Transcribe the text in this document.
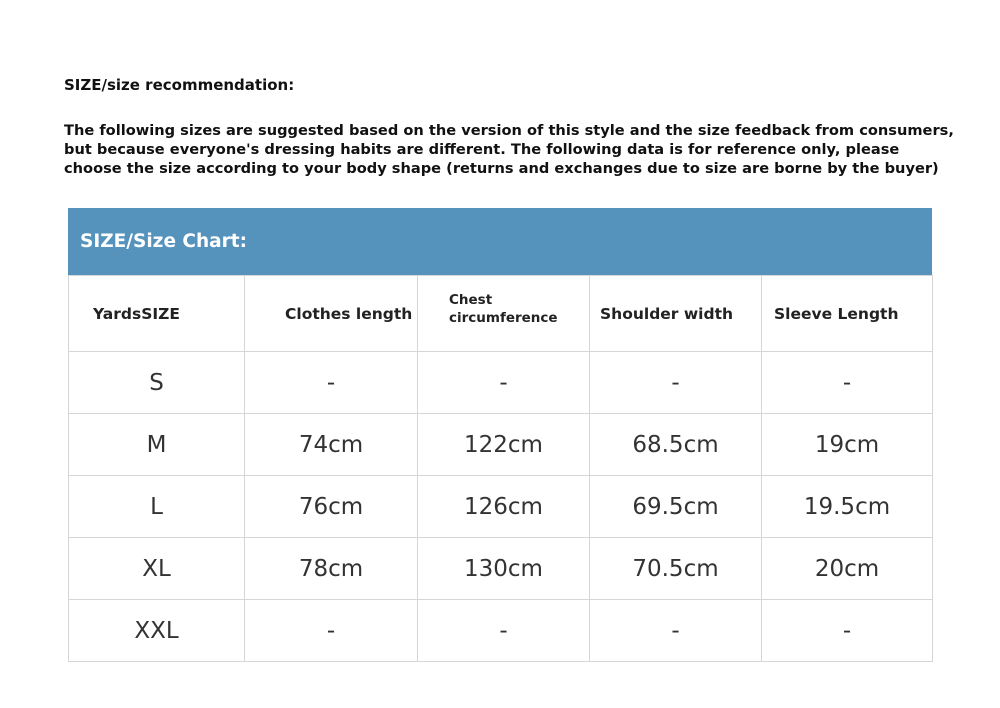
SIZE/size recommendation:
The following sizes are suggested based on the version of this style and the size feedback from consumers,
but because everyone's dressing habits are different. The following data is for reference only, please
choose the size according to your body shape (returns and exchanges due to size are borne by the buyer)
SIZE/Size Chart:
YardsSIZE	Clothes length	Chest circumference	Shoulder width	Sleeve Length
S	-	-	-	-
M	74cm	122cm	68.5cm	19cm
L	76cm	126cm	69.5cm	19.5cm
XL	78cm	130cm	70.5cm	20cm
XXL	-	-	-	-
